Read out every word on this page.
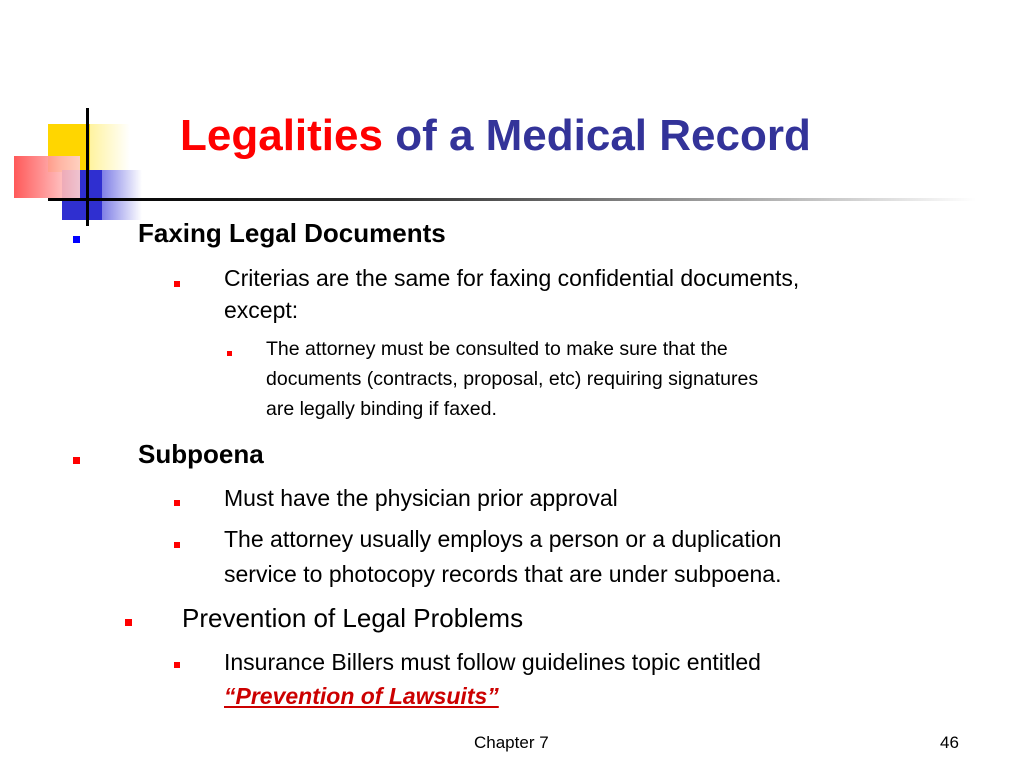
Legalities of a Medical Record
Faxing Legal Documents
Criterias are the same for faxing confidential documents,
except:
The attorney must be consulted to make sure that the
documents (contracts, proposal, etc) requiring signatures
are legally binding if faxed.
Subpoena
Must have the physician prior approval
The attorney usually employs a person or a duplication
service to photocopy records that are under subpoena.
Prevention of Legal Problems
Insurance Billers must follow guidelines topic entitled
“Prevention of Lawsuits”
Chapter 7	46
